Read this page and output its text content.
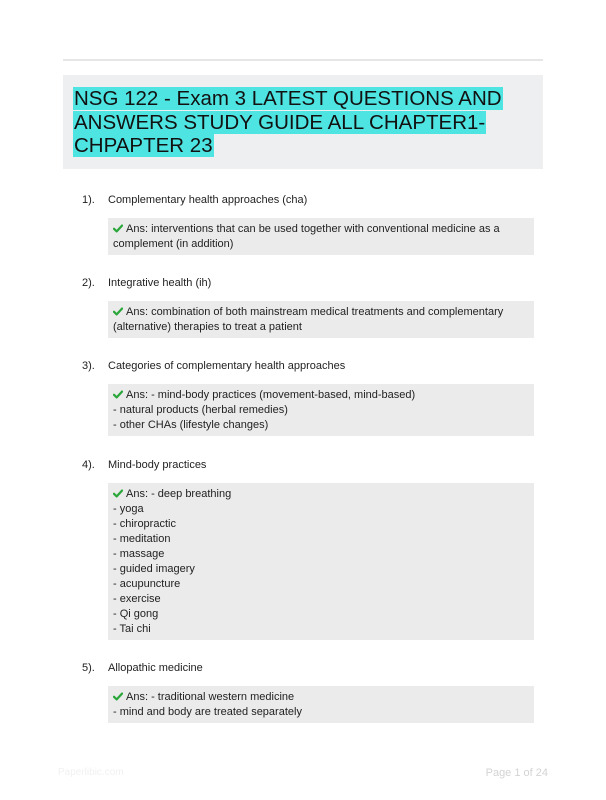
NSG 122 - Exam 3 LATEST QUESTIONS AND
ANSWERS STUDY GUIDE ALL CHAPTER1-
CHPAPTER 23
1). Complementary health approaches (cha)
Ans: interventions that can be used together with conventional medicine as a
complement (in addition)
2). Integrative health (ih)
Ans: combination of both mainstream medical treatments and complementary
(alternative) therapies to treat a patient
3). Categories of complementary health approaches
Ans: - mind-body practices (movement-based, mind-based)
- natural products (herbal remedies)
- other CHAs (lifestyle changes)
4). Mind-body practices
Ans: - deep breathing
- yoga
- chiropractic
- meditation
- massage
- guided imagery
- acupuncture
- exercise
- Qi gong
- Tai chi
5). Allopathic medicine
Ans: - traditional western medicine
- mind and body are treated separately
Paperlibic.com	Page 1 of 24
